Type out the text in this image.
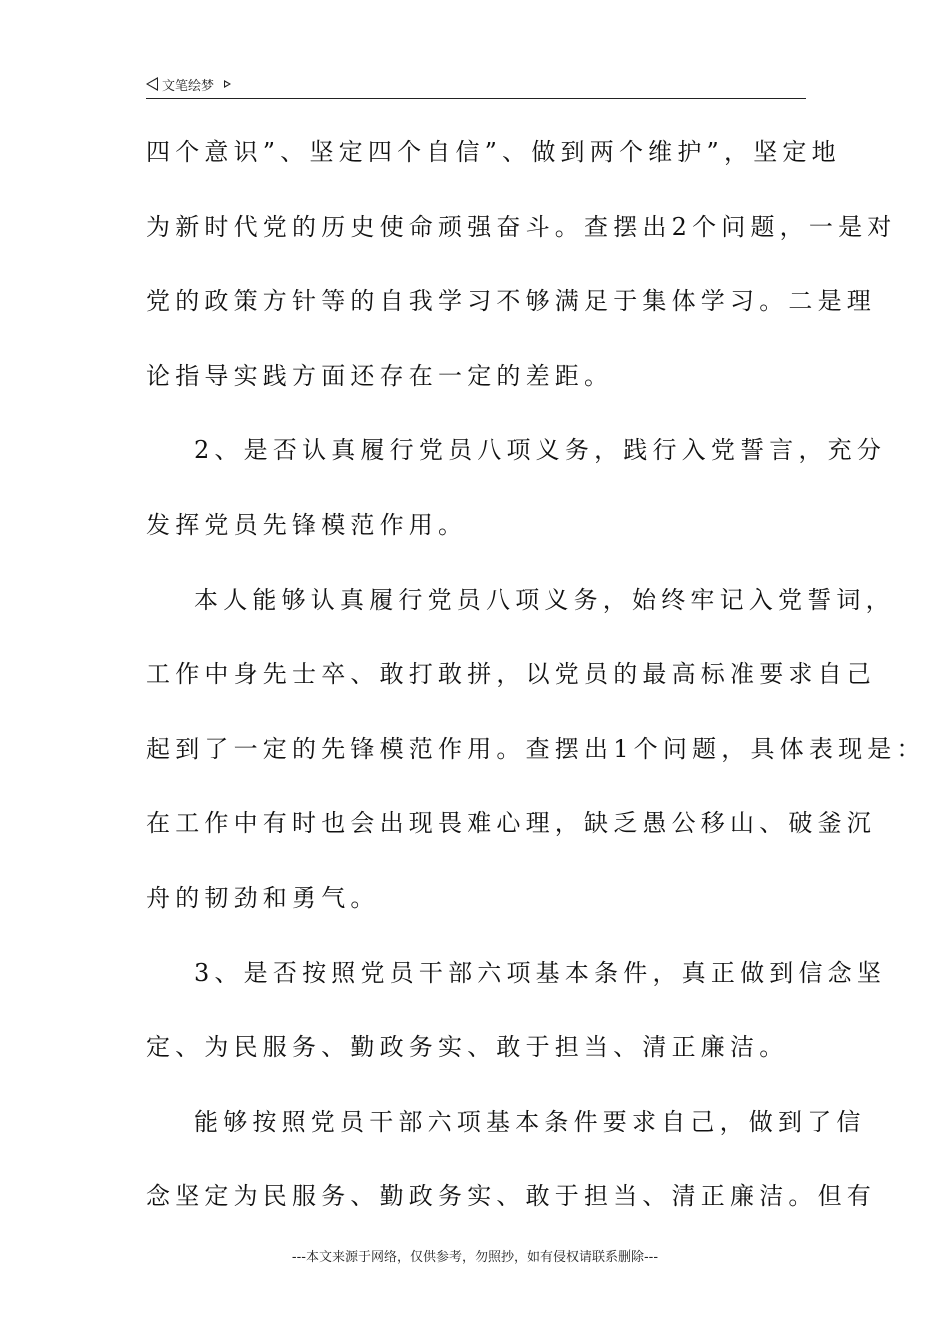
文笔绘梦
四个意识”、坚定四个自信”、做到两个维护”，坚定地
为新时代党的历史使命顽强奋斗。查摆出2个问题，一是对
党的政策方针等的自我学习不够满足于集体学习。二是理
论指导实践方面还存在一定的差距。
2、是否认真履行党员八项义务，践行入党誓言，充分
发挥党员先锋模范作用。
本人能够认真履行党员八项义务，始终牢记入党誓词，
工作中身先士卒、敢打敢拼，以党员的最高标准要求自己
起到了一定的先锋模范作用。查摆出1个问题，具体表现是：
在工作中有时也会出现畏难心理，缺乏愚公移山、破釜沉
舟的韧劲和勇气。
3、是否按照党员干部六项基本条件，真正做到信念坚
定、为民服务、勤政务实、敢于担当、清正廉洁。
能够按照党员干部六项基本条件要求自己，做到了信
念坚定为民服务、勤政务实、敢于担当、清正廉洁。但有
---本文来源于网络，仅供参考，勿照抄，如有侵权请联系删除---
